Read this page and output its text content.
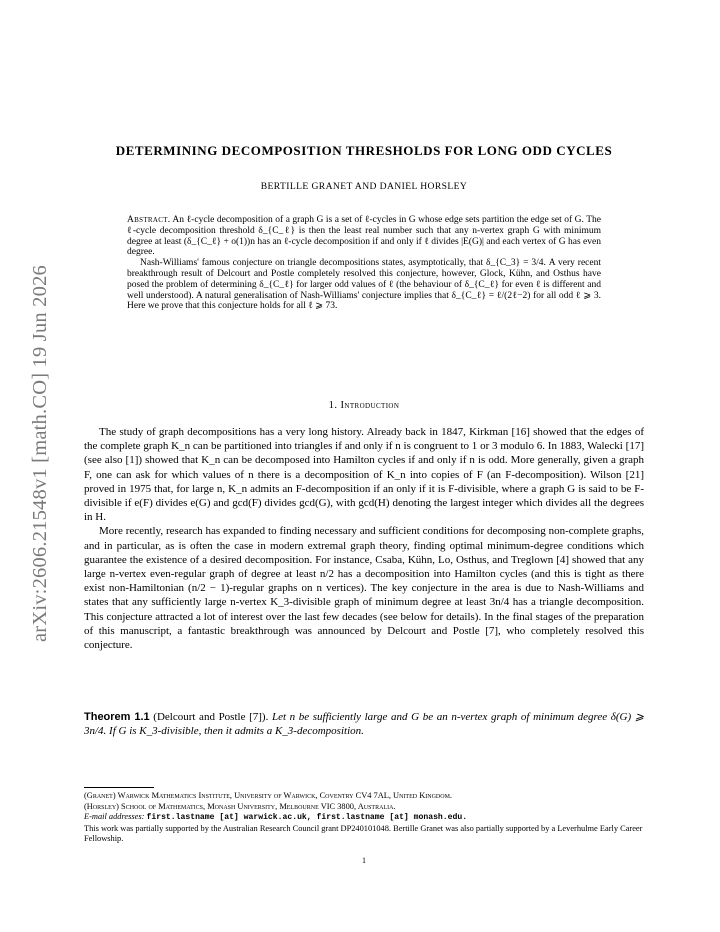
arXiv:2606.21548v1 [math.CO] 19 Jun 2026
DETERMINING DECOMPOSITION THRESHOLDS FOR LONG ODD CYCLES
BERTILLE GRANET AND DANIEL HORSLEY

Abstract. An ℓ-cycle decomposition of a graph G is a set of ℓ-cycles in G whose edge sets partition the edge set of G. The ℓ-cycle decomposition threshold δ_{C_ℓ} is then the least real number such that any n-vertex graph G with minimum degree at least (δ_{C_ℓ} + o(1))n has an ℓ-cycle decomposition if and only if ℓ divides |E(G)| and each vertex of G has even degree.

Nash-Williams' famous conjecture on triangle decompositions states, asymptotically, that δ_{C_3} = 3/4. A very recent breakthrough result of Delcourt and Postle completely resolved this conjecture, however, Glock, Kühn, and Osthus have posed the problem of determining δ_{C_ℓ} for larger odd values of ℓ (the behaviour of δ_{C_ℓ} for even ℓ is different and well understood). A natural generalisation of Nash-Williams' conjecture implies that δ_{C_ℓ} = ℓ/(2ℓ−2) for all odd ℓ ⩾ 3. Here we prove that this conjecture holds for all ℓ ⩾ 73.

1. Introduction

The study of graph decompositions has a very long history. Already back in 1847, Kirkman [16] showed that the edges of the complete graph K_n can be partitioned into triangles if and only if n is congruent to 1 or 3 modulo 6. In 1883, Walecki [17] (see also [1]) showed that K_n can be decomposed into Hamilton cycles if and only if n is odd. More generally, given a graph F, one can ask for which values of n there is a decomposition of K_n into copies of F (an F-decomposition). Wilson [21] proved in 1975 that, for large n, K_n admits an F-decomposition if an only if it is F-divisible, where a graph G is said to be F-divisible if e(F) divides e(G) and gcd(F) divides gcd(G), with gcd(H) denoting the largest integer which divides all the degrees in H.

More recently, research has expanded to finding necessary and sufficient conditions for decomposing non-complete graphs, and in particular, as is often the case in modern extremal graph theory, finding optimal minimum-degree conditions which guarantee the existence of a desired decomposition. For instance, Csaba, Kühn, Lo, Osthus, and Treglown [4] showed that any large n-vertex even-regular graph of degree at least n/2 has a decomposition into Hamilton cycles (and this is tight as there exist non-Hamiltonian (n/2 − 1)-regular graphs on n vertices). The key conjecture in the area is due to Nash-Williams and states that any sufficiently large n-vertex K_3-divisible graph of minimum degree at least 3n/4 has a triangle decomposition. This conjecture attracted a lot of interest over the last few decades (see below for details). In the final stages of the preparation of this manuscript, a fantastic breakthrough was announced by Delcourt and Postle [7], who completely resolved this conjecture.

Theorem 1.1 (Delcourt and Postle [7]). Let n be sufficiently large and G be an n-vertex graph of minimum degree δ(G) ⩾ 3n/4. If G is K_3-divisible, then it admits a K_3-decomposition.

(Granet) Warwick Mathematics Institute, University of Warwick, Coventry CV4 7AL, United Kingdom.

(Horsley) School of Mathematics, Monash University, Melbourne VIC 3800, Australia.

E-mail addresses: first.lastname [at] warwick.ac.uk, first.lastname [at] monash.edu.

This work was partially supported by the Australian Research Council grant DP240101048. Bertille Granet was also partially supported by a Leverhulme Early Career Fellowship.

1
